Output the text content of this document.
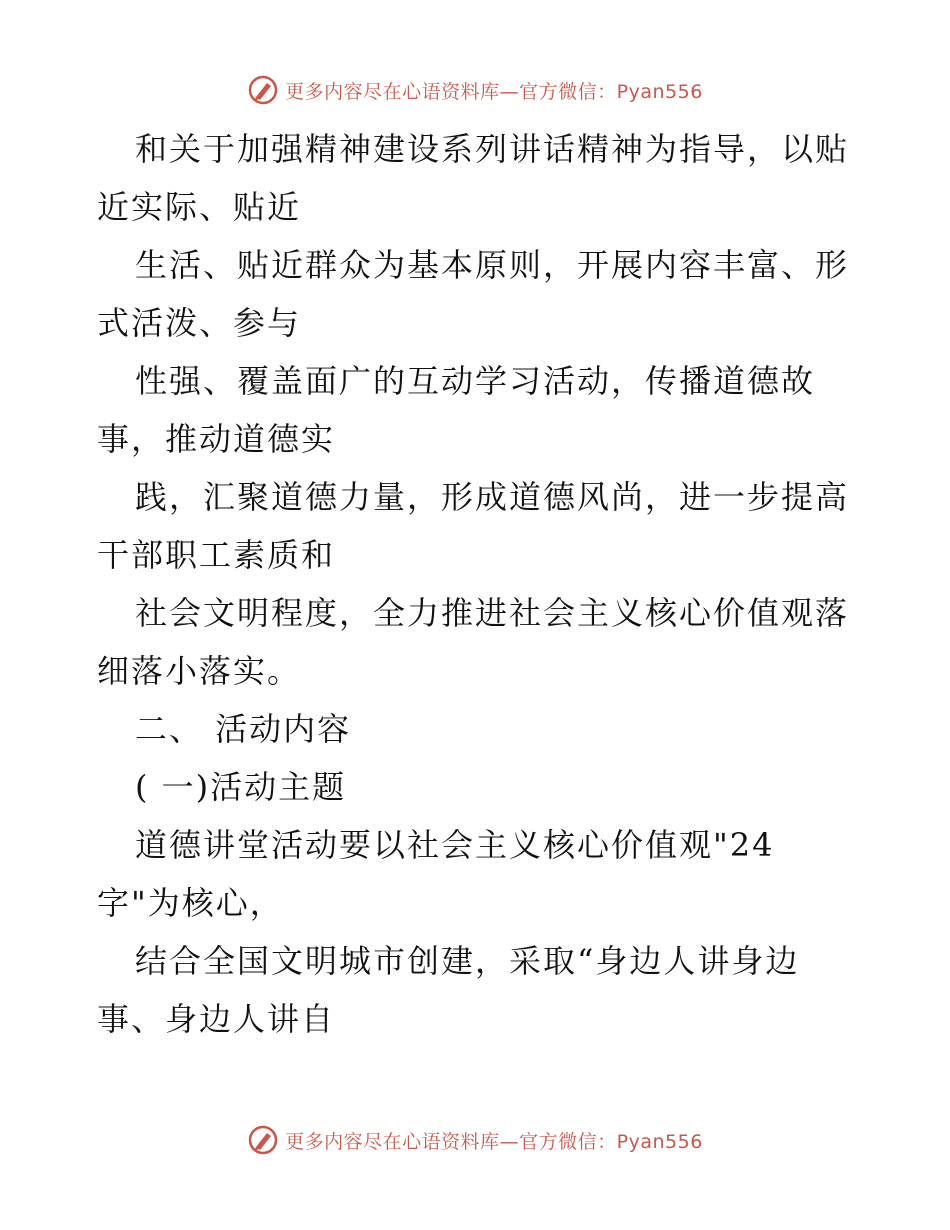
更多内容尽在心语资料库—官方微信：Pyan556
和关于加强精神建设系列讲话精神为指导，以贴
近实际、贴近
生活、贴近群众为基本原则，开展内容丰富、形
式活泼、参与
性强、覆盖面广的互动学习活动，传播道德故
事，推动道德实
践，汇聚道德力量，形成道德风尚，进一步提高
干部职工素质和
社会文明程度，全力推进社会主义核心价值观落
细落小落实。
二、 活动内容
( 一)活动主题
道德讲堂活动要以社会主义核心价值观"24
字"为核心，
结合全国文明城市创建，采取“身边人讲身边
事、身边人讲自
更多内容尽在心语资料库—官方微信：Pyan556
